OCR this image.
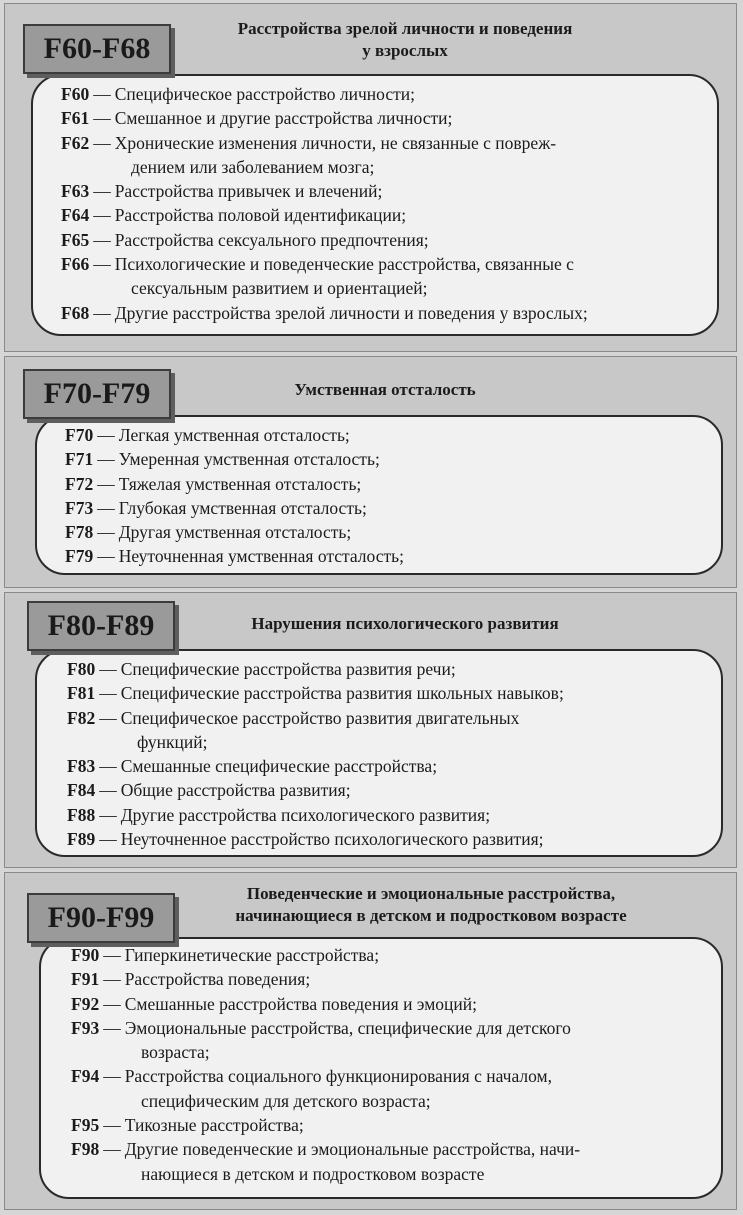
F60-F68
Расстройства зрелой личности и поведения
у взрослых
F60 — Специфическое расстройство личности;
F61 — Смешанное и другие расстройства личности;
F62 — Хронические изменения личности, не связанные с повреж-
дением или заболеванием мозга;
F63 — Расстройства привычек и влечений;
F64 — Расстройства половой идентификации;
F65 — Расстройства сексуального предпочтения;
F66 — Психологические и поведенческие расстройства, связанные с
сексуальным развитием и ориентацией;
F68 — Другие расстройства зрелой личности и поведения у взрослых;
F70-F79	Умственная отсталость
F70 — Легкая умственная отсталость;
F71 — Умеренная умственная отсталость;
F72 — Тяжелая умственная отсталость;
F73 — Глубокая умственная отсталость;
F78 — Другая умственная отсталость;
F79 — Неуточненная умственная отсталость;
F80-F89	Нарушения психологического развития
F80 — Специфические расстройства развития речи;
F81 — Специфические расстройства развития школьных навыков;
F82 — Специфическое расстройство развития двигательных
функций;
F83 — Смешанные специфические расстройства;
F84 — Общие расстройства развития;
F88 — Другие расстройства психологического развития;
F89 — Неуточненное расстройство психологического развития;
F90-F99
Поведенческие и эмоциональные расстройства,
начинающиеся в детском и подростковом возрасте
F90 — Гиперкинетические расстройства;
F91 — Расстройства поведения;
F92 — Смешанные расстройства поведения и эмоций;
F93 — Эмоциональные расстройства, специфические для детского
возраста;
F94 — Расстройства социального функционирования с началом,
специфическим для детского возраста;
F95 — Тикозные расстройства;
F98 — Другие поведенческие и эмоциональные расстройства, начи-
нающиеся в детском и подростковом возрасте
